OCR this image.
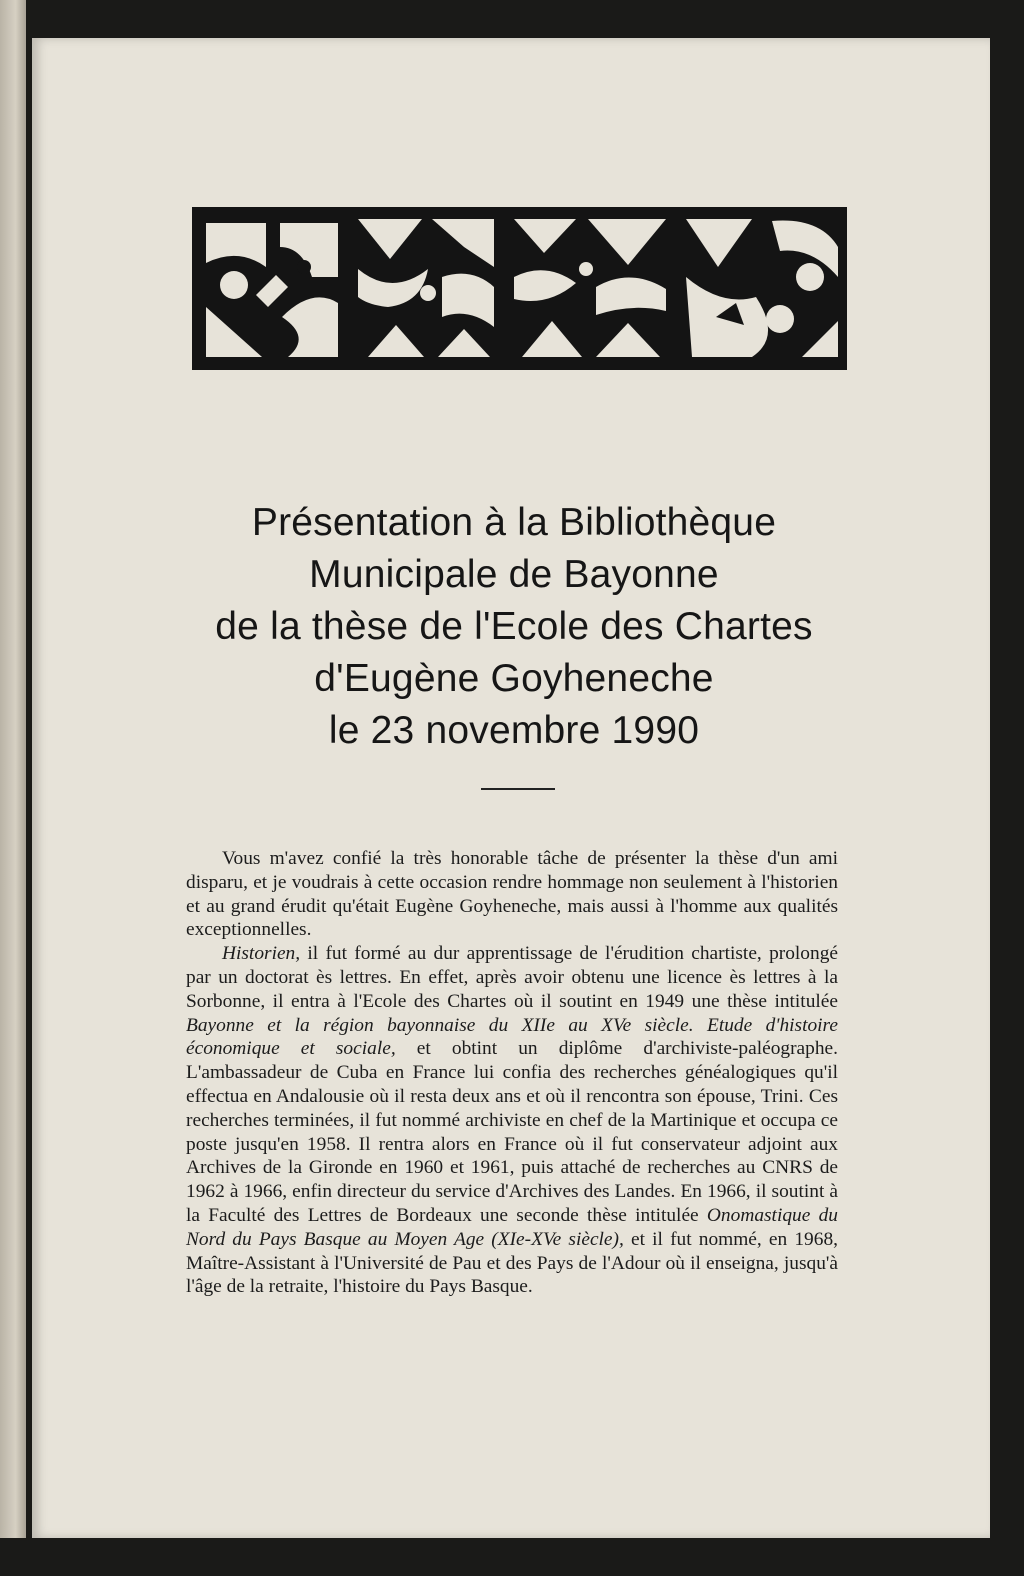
Présentation à la Bibliothèque
Municipale de Bayonne
de la thèse de l'Ecole des Chartes
d'Eugène Goyheneche
le 23 novembre 1990

Vous m'avez confié la très honorable tâche de présenter la thèse d'un ami disparu, et je voudrais à cette occasion rendre hommage non seulement à l'historien et au grand érudit qu'était Eugène Goyheneche, mais aussi à l'homme aux qualités exceptionnelles.

Historien, il fut formé au dur apprentissage de l'érudition chartiste, prolongé par un doctorat ès lettres. En effet, après avoir obtenu une licence ès lettres à la Sorbonne, il entra à l'Ecole des Chartes où il soutint en 1949 une thèse intitulée Bayonne et la région bayonnaise du XIIe au XVe siècle. Etude d'histoire économique et sociale, et obtint un diplôme d'archiviste-paléographe. L'ambassadeur de Cuba en France lui confia des recherches généalogiques qu'il effectua en Andalousie où il resta deux ans et où il rencontra son épouse, Trini. Ces recherches terminées, il fut nommé archiviste en chef de la Martinique et occupa ce poste jusqu'en 1958. Il rentra alors en France où il fut conservateur adjoint aux Archives de la Gironde en 1960 et 1961, puis attaché de recherches au CNRS de 1962 à 1966, enfin directeur du service d'Archives des Landes. En 1966, il soutint à la Faculté des Lettres de Bordeaux une seconde thèse intitulée Onomastique du Nord du Pays Basque au Moyen Age (XIe-XVe siècle), et il fut nommé, en 1968, Maître-Assistant à l'Université de Pau et des Pays de l'Adour où il enseigna, jusqu'à l'âge de la retraite, l'histoire du Pays Basque.
